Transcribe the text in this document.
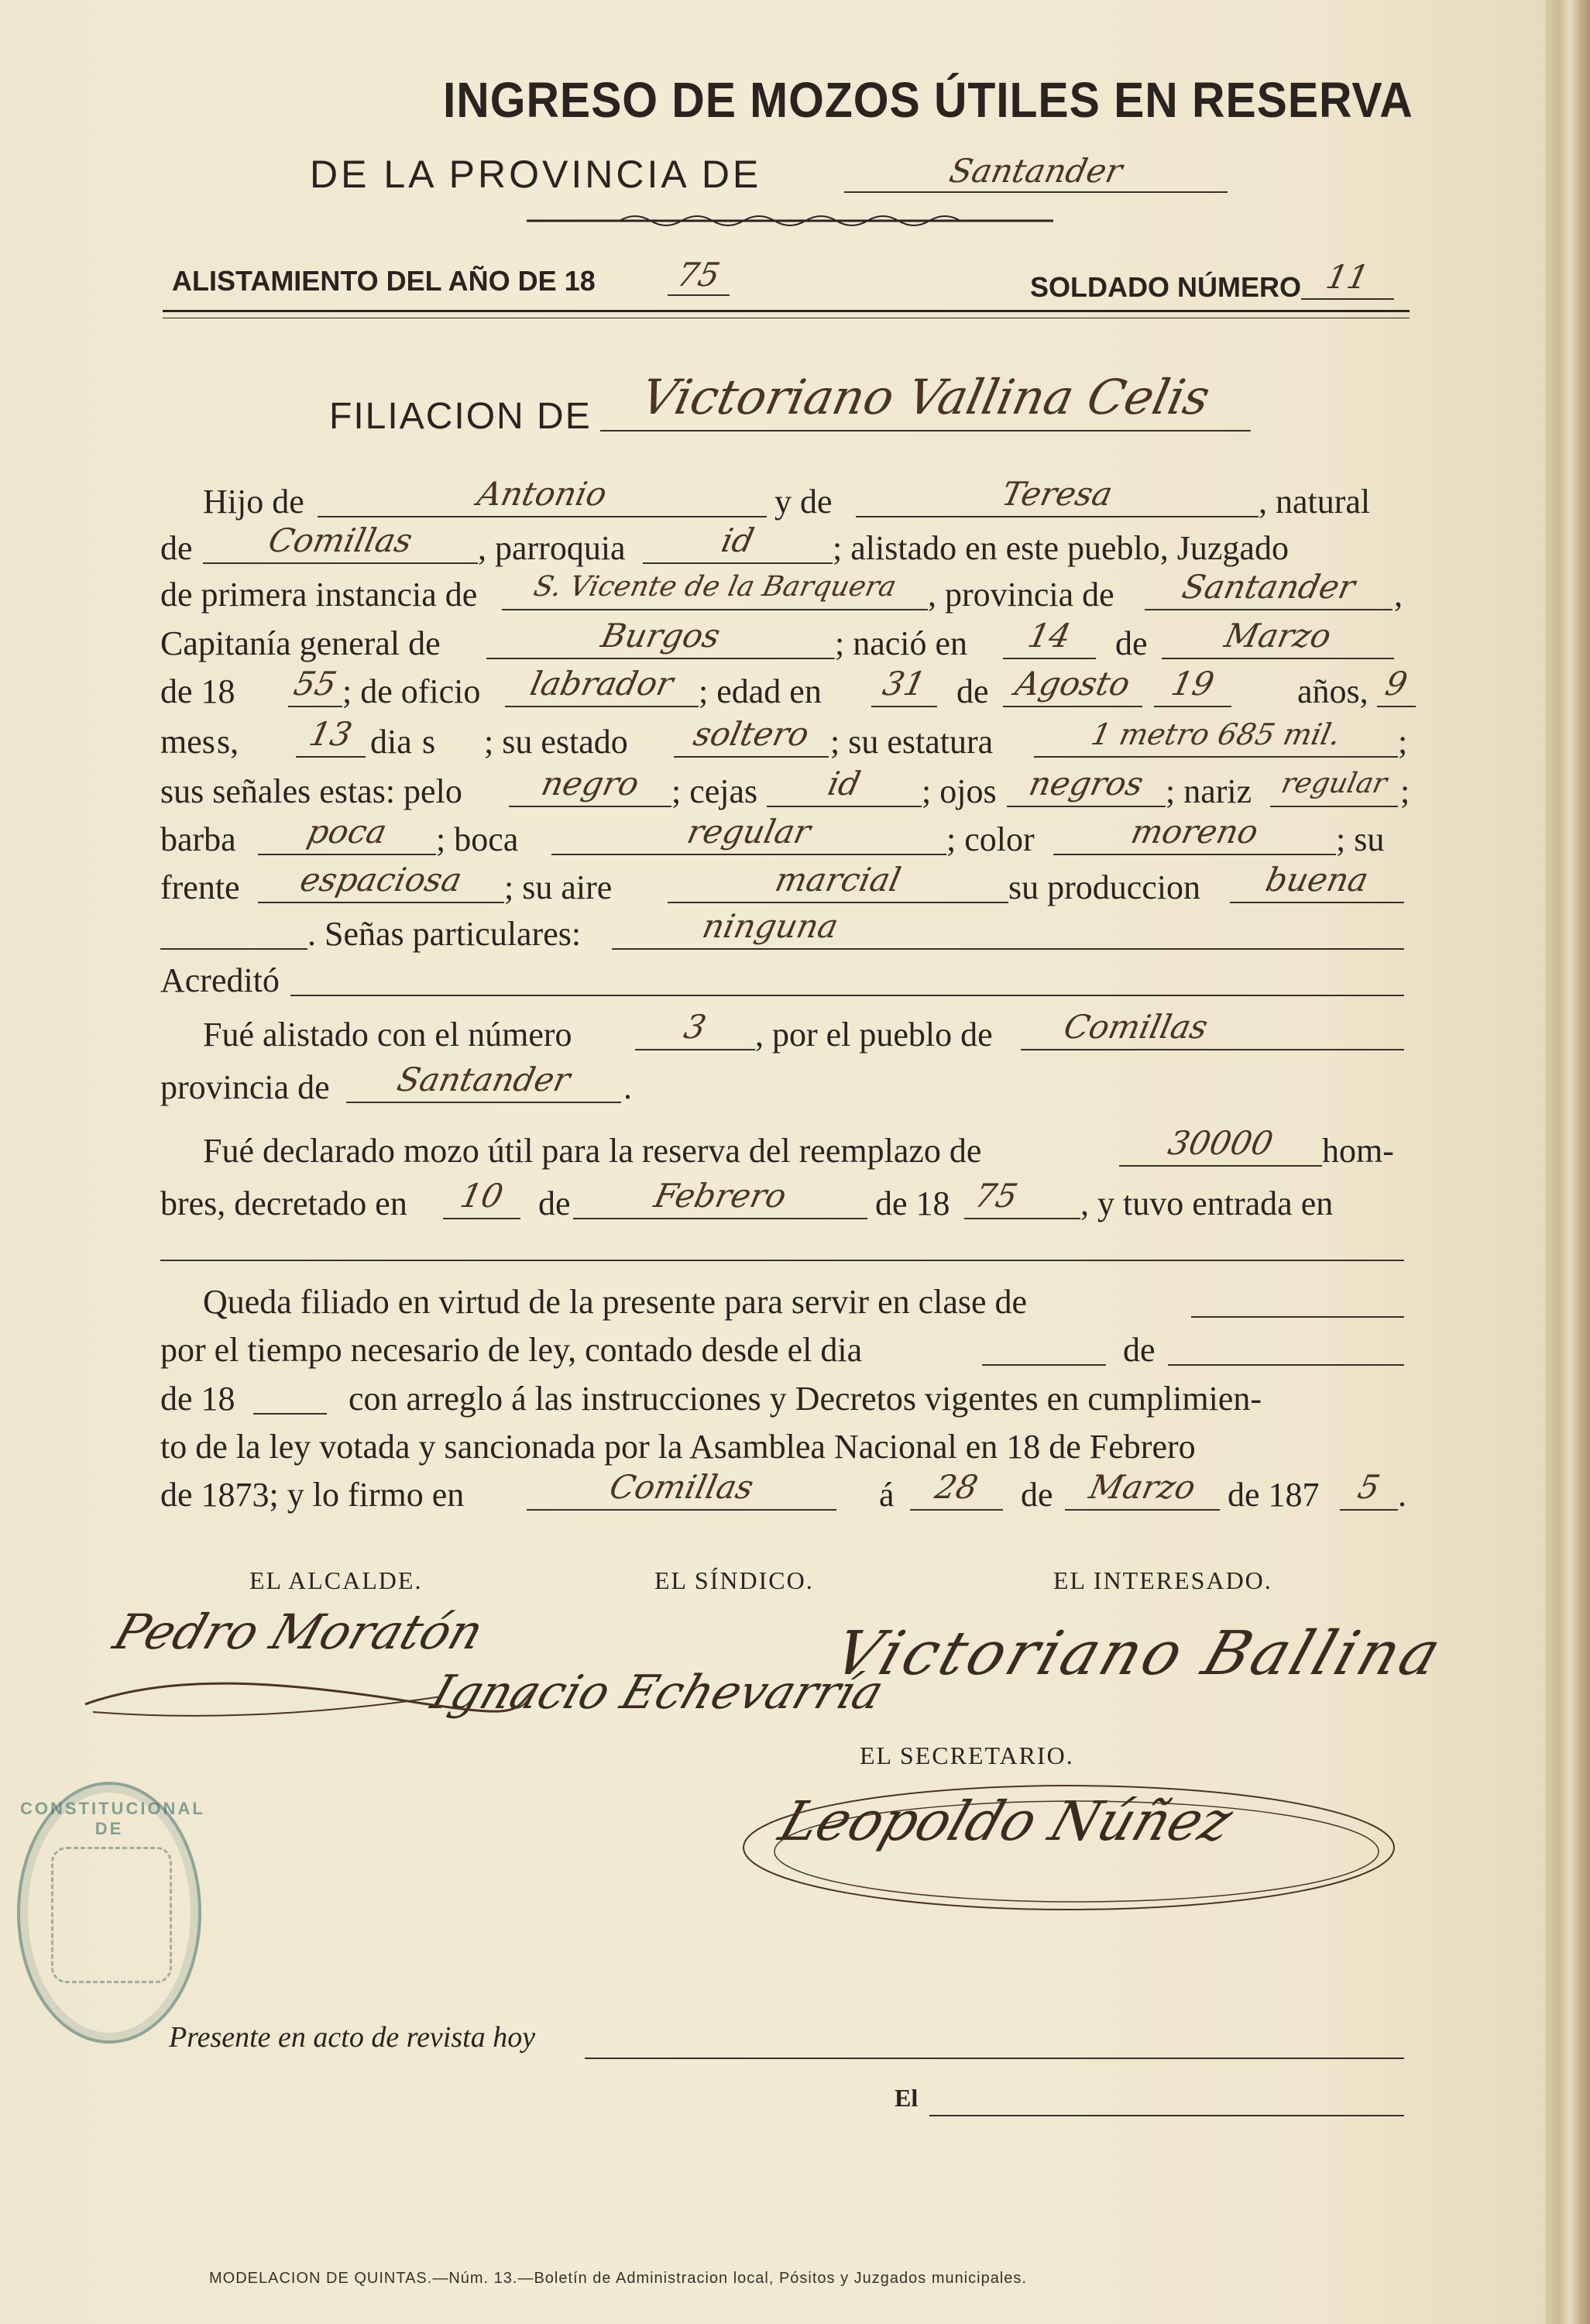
INGRESO DE MOZOS ÚTILES EN RESERVA
DE LA PROVINCIA DE	Santander
ALISTAMIENTO DEL AÑO DE 18	75	SOLDADO NÚMERO 11
FILIACION DE Victoriano Vallina Celis
Hijo de	Antonio	y de	Teresa	, natural
de	Comillas	, parroquia	id	; alistado en este pueblo, Juzgado
de primera instancia de	S. Vicente de la Barquera , provincia de	Santander	,
Capitanía general de	Burgos	; nació en	14	de	Marzo
de 18 55 ; de oficio	labrador ; edad en	31 de Agosto	19	años, 9
mes s,	13 dia s ; su estado	soltero ; su estatura	1 metro 685 mil.	;
sus señales estas: pelo	negro ; cejas	id	; ojos negros ; nariz regular ;
barba	poca	; boca	regular	; color	moreno	; su
frente	espaciosa	; su aire	marcial	su produccion	buena
. Señas particulares:	ninguna
Acreditó
Fué alistado con el número	3	, por el pueblo de	Comillas
provincia de	Santander	.
Fué declarado mozo útil para la reserva del reemplazo de	30000	hom-
bres, decretado en	10 de	Febrero	de 18 75	, y tuvo entrada en
Queda filiado en virtud de la presente para servir en clase de
por el tiempo necesario de ley, contado desde el dia	de
de 18	con arreglo á las instrucciones y Decretos vigentes en cumplimien-
to de la ley votada y sancionada por la Asamblea Nacional en 18 de Febrero
de 1873; y lo firmo en	Comillas	á	28	de	Marzo de 187	5 .
EL ALCALDE.	EL SÍNDICO.	EL INTERESADO.
Pedro Moratón
Ignacio Echevarría
Victoriano Ballina
EL SECRETARIO.
Leopoldo Núñez
CONSTITUCIONAL DE
Presente en acto de revista hoy
El
MODELACION DE QUINTAS.—Núm. 13.—Boletín de Administracion local, Pósitos y Juzgados municipales.
